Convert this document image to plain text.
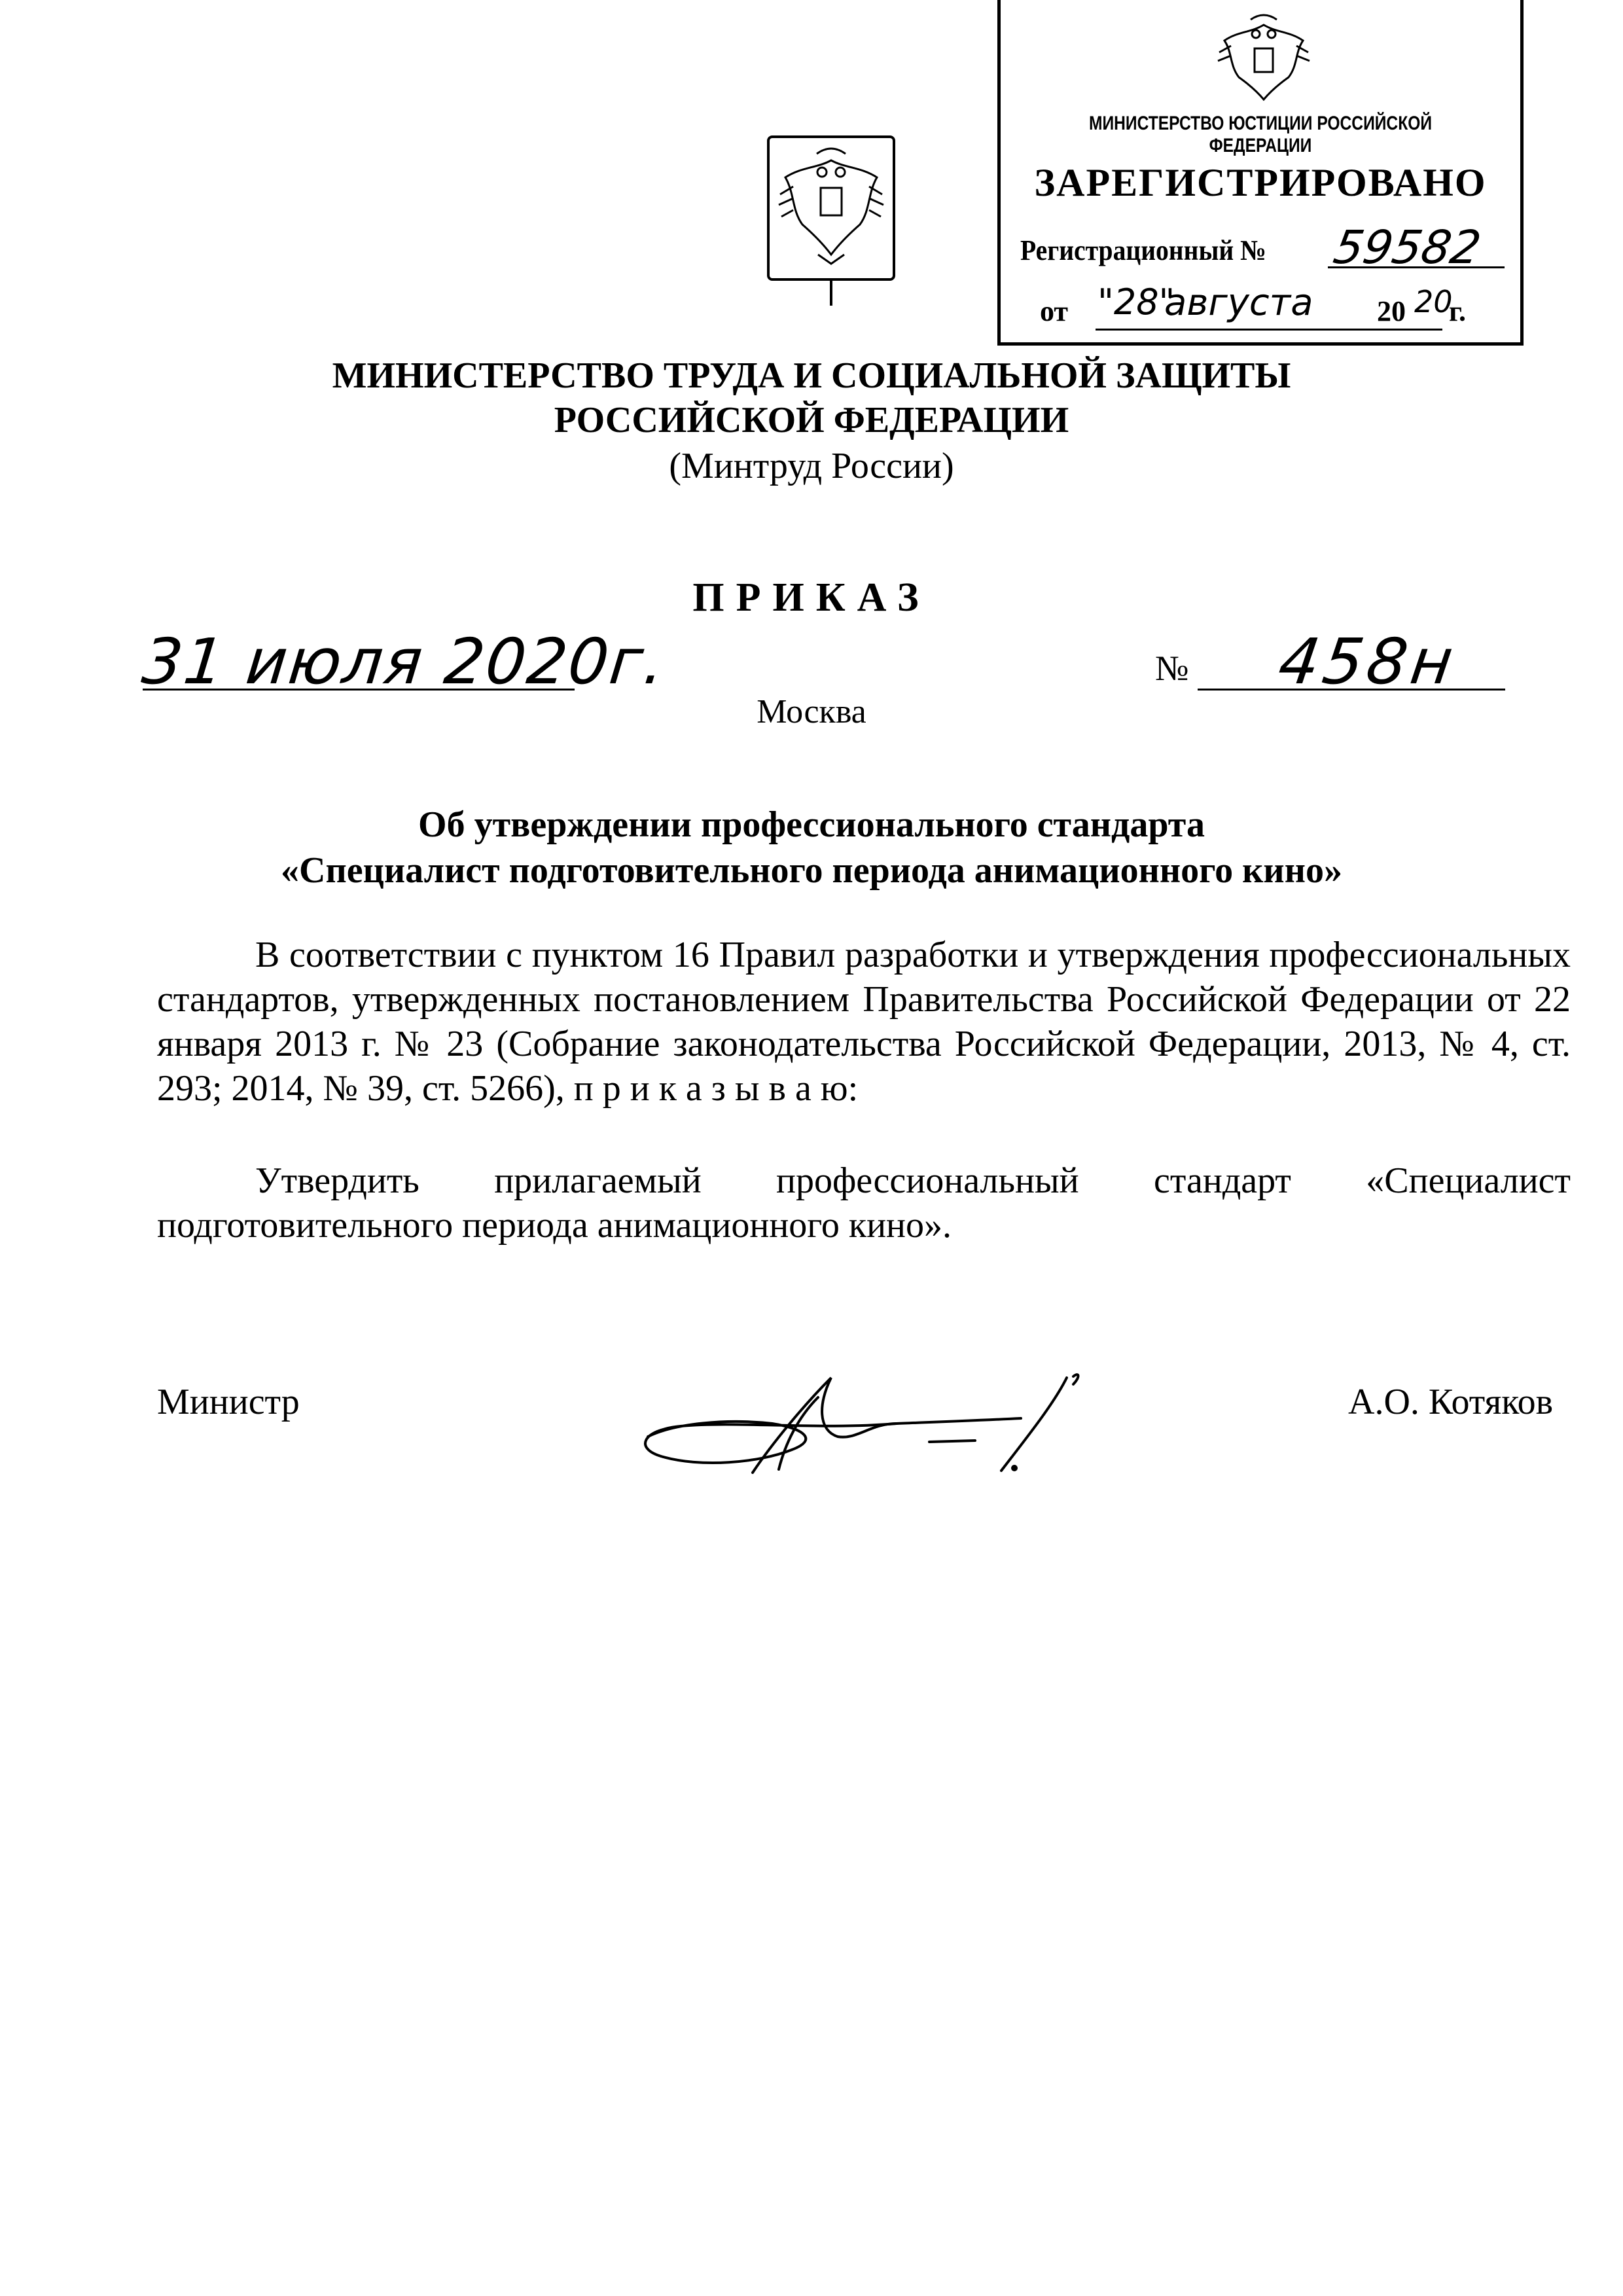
МИНИСТЕРСТВО ЮСТИЦИИ РОССИЙСКОЙ ФЕДЕРАЦИИ
ЗАРЕГИСТРИРОВАНО
Регистрационный № 59582
от "28"
августа 20 20
г.
МИНИСТЕРСТВО ТРУДА И СОЦИАЛЬНОЙ ЗАЩИТЫ
РОССИЙСКОЙ ФЕДЕРАЦИИ
(Минтруд России)
ПРИКАЗ
31 июля 2020г.	№ 458н
Москва
Об утверждении профессионального стандарта
«Специалист подготовительного периода анимационного кино»
В соответствии с пунктом 16 Правил разработки и утверждения профессиональных стандартов, утвержденных постановлением Правительства Российской Федерации от 22 января 2013 г. № 23 (Собрание законодательства Российской Федерации, 2013, № 4, ст. 293; 2014, № 39, ст. 5266), п р и к а з ы в а ю:
Утвердить прилагаемый профессиональный стандарт «Специалист подготовительного периода анимационного кино».
Министр	А.О. Котяков
